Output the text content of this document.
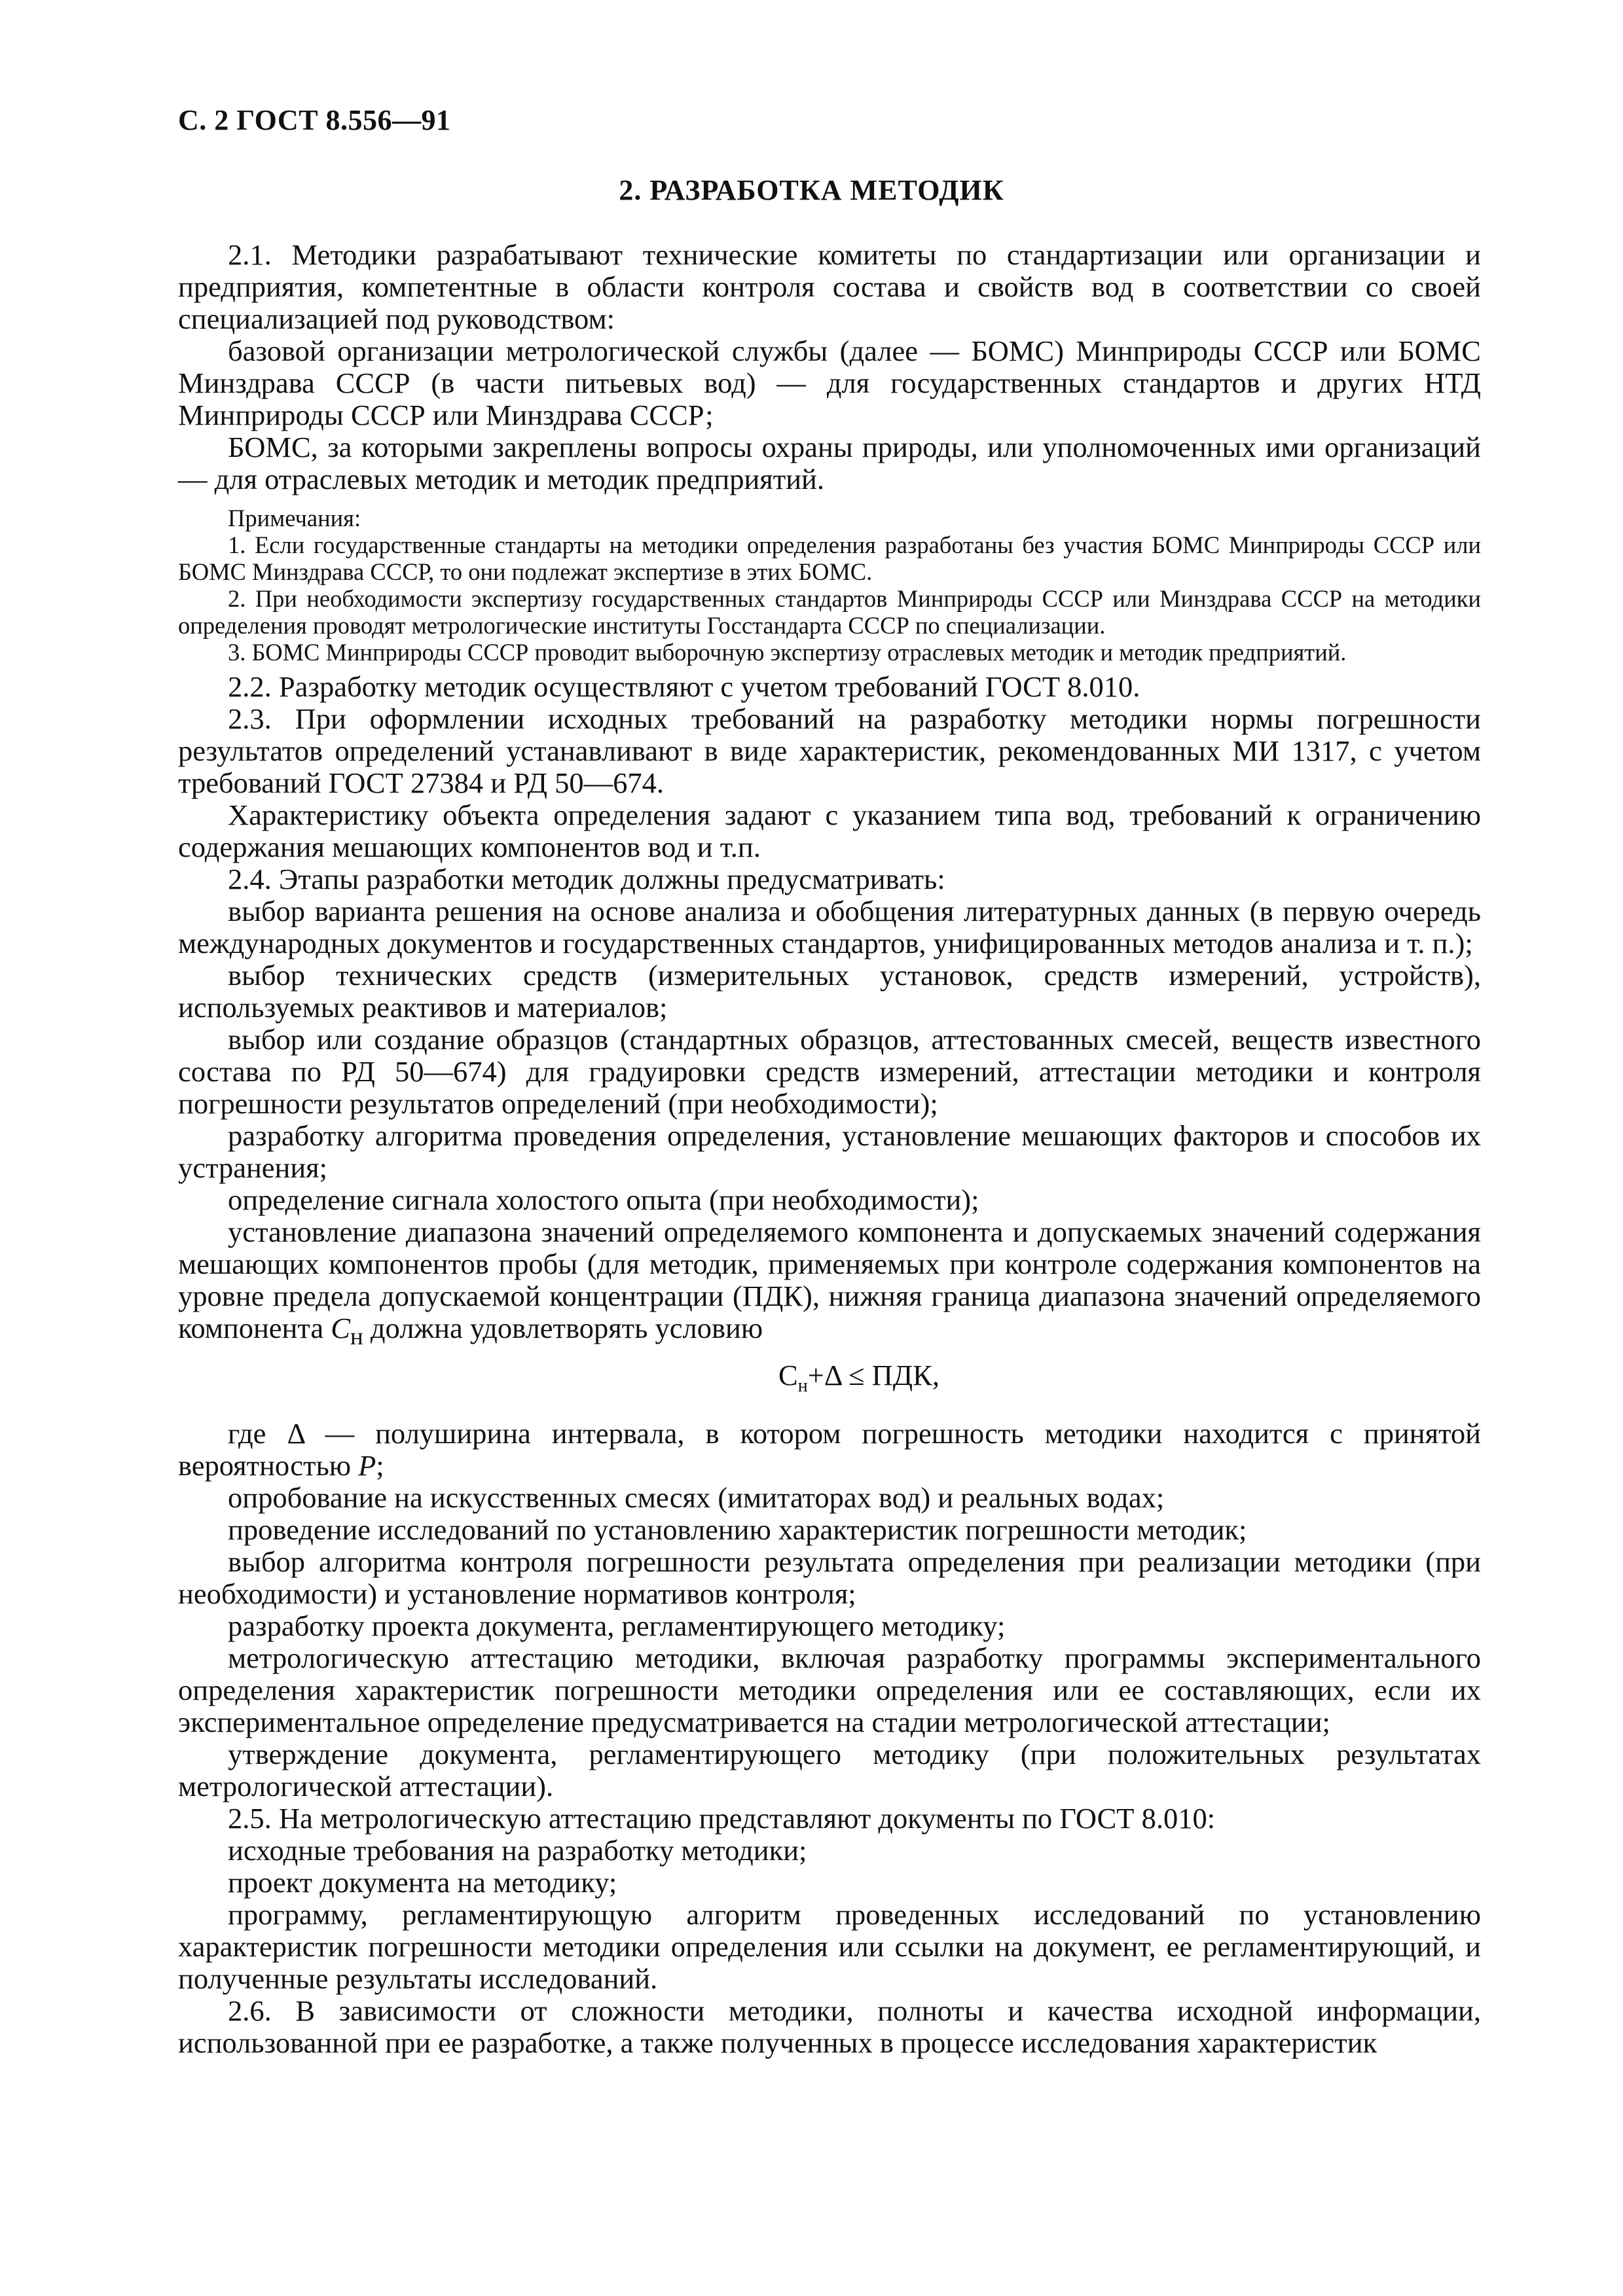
С. 2 ГОСТ 8.556—91
2. РАЗРАБОТКА МЕТОДИК

2.1. Методики разрабатывают технические комитеты по стандартизации или организации и предприятия, компетентные в области контроля состава и свойств вод в соответствии со своей специализацией под руководством:

базовой организации метрологической службы (далее — БОМС) Минприроды СССР или БОМС Минздрава СССР (в части питьевых вод) — для государственных стандартов и других НТД Минприроды СССР или Минздрава СССР;

БОМС, за которыми закреплены вопросы охраны природы, или уполномоченных ими организаций — для отраслевых методик и методик предприятий.

Примечания:

1. Если государственные стандарты на методики определения разработаны без участия БОМС Минприроды СССР или БОМС Минздрава СССР, то они подлежат экспертизе в этих БОМС.

2. При необходимости экспертизу государственных стандартов Минприроды СССР или Минздрава СССР на методики определения проводят метрологические институты Госстандарта СССР по специализации.

3. БОМС Минприроды СССР проводит выборочную экспертизу отраслевых методик и методик предприятий.

2.2. Разработку методик осуществляют с учетом требований ГОСТ 8.010.

2.3. При оформлении исходных требований на разработку методики нормы погрешности результатов определений устанавливают в виде характеристик, рекомендованных МИ 1317, с учетом требований ГОСТ 27384 и РД 50—674.

Характеристику объекта определения задают с указанием типа вод, требований к ограничению содержания мешающих компонентов вод и т.п.

2.4. Этапы разработки методик должны предусматривать:

выбор варианта решения на основе анализа и обобщения литературных данных (в первую очередь международных документов и государственных стандартов, унифицированных методов анализа и т. п.);

выбор технических средств (измерительных установок, средств измерений, устройств), используемых реактивов и материалов;

выбор или создание образцов (стандартных образцов, аттестованных смесей, веществ известного состава по РД 50—674) для градуировки средств измерений, аттестации методики и контроля погрешности результатов определений (при необходимости);

разработку алгоритма проведения определения, установление мешающих факторов и способов их устранения;

определение сигнала холостого опыта (при необходимости);

установление диапазона значений определяемого компонента и допускаемых значений содержания мешающих компонентов пробы (для методик, применяемых при контроле содержания компонентов на уровне предела допускаемой концентрации (ПДК), нижняя граница диапазона значений определяемого компонента $C_н$ должна удовлетворять условию

$С_н+\Delta$ ≤ ПДК,

где Δ — полуширина интервала, в котором погрешность методики находится с принятой вероятностью P;

опробование на искусственных смесях (имитаторах вод) и реальных водах;

проведение исследований по установлению характеристик погрешности методик;

выбор алгоритма контроля погрешности результата определения при реализации методики (при необходимости) и установление нормативов контроля;

разработку проекта документа, регламентирующего методику;

метрологическую аттестацию методики, включая разработку программы экспериментального определения характеристик погрешности методики определения или ее составляющих, если их экспериментальное определение предусматривается на стадии метрологической аттестации;

утверждение документа, регламентирующего методику (при положительных результатах метрологической аттестации).

2.5. На метрологическую аттестацию представляют документы по ГОСТ 8.010:

исходные требования на разработку методики;

проект документа на методику;

программу, регламентирующую алгоритм проведенных исследований по установлению характеристик погрешности методики определения или ссылки на документ, ее регламентирующий, и полученные результаты исследований.

2.6. В зависимости от сложности методики, полноты и качества исходной информации, использованной при ее разработке, а также полученных в процессе исследования характеристик
